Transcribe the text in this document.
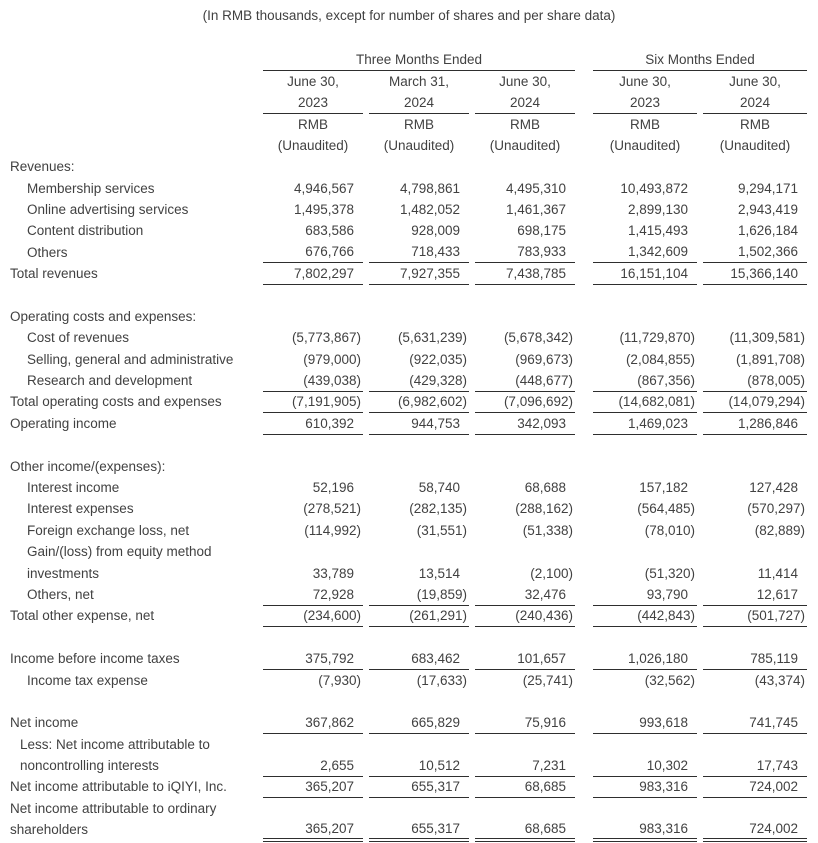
(In RMB thousands, except for number of shares and per share data)
		Three Months Ended						Six Months Ended		
		June 30,		March 31,		June 30,		June 30,		June 30,
		2023		2024		2024		2023		2024
		RMB		RMB		RMB		RMB		RMB
		(Unaudited)		(Unaudited)		(Unaudited)		(Unaudited)		(Unaudited)
Revenues:										
Membership services		4,946,567		4,798,861		4,495,310		10,493,872		9,294,171
Online advertising services		1,495,378		1,482,052		1,461,367		2,899,130		2,943,419
Content distribution		683,586		928,009		698,175		1,415,493		1,626,184
Others		676,766		718,433		783,933		1,342,609		1,502,366
Total revenues		7,802,297		7,927,355		7,438,785		16,151,104		15,366,140

Operating costs and expenses:										
Cost of revenues		(5,773,867)		(5,631,239)		(5,678,342)		(11,729,870)		(11,309,581)
Selling, general and administrative		(979,000)		(922,035)		(969,673)		(2,084,855)		(1,891,708)
Research and development		(439,038)		(429,328)		(448,677)		(867,356)		(878,005)
Total operating costs and expenses		(7,191,905)		(6,982,602)		(7,096,692)		(14,682,081)		(14,079,294)
Operating income		610,392		944,753		342,093		1,469,023		1,286,846

Other income/(expenses):										
Interest income		52,196		58,740		68,688		157,182		127,428
Interest expenses		(278,521)		(282,135)		(288,162)		(564,485)		(570,297)
Foreign exchange loss, net		(114,992)		(31,551)		(51,338)		(78,010)		(82,889)
Gain/(loss) from equity method										
investments		33,789		13,514		(2,100)		(51,320)		11,414
Others, net		72,928		(19,859)		32,476		93,790		12,617
Total other expense, net		(234,600)		(261,291)		(240,436)		(442,843)		(501,727)

Income before income taxes		375,792		683,462		101,657		1,026,180		785,119
Income tax expense		(7,930)		(17,633)		(25,741)		(32,562)		(43,374)

Net income		367,862		665,829		75,916		993,618		741,745
Less: Net income attributable to										
noncontrolling interests		2,655		10,512		7,231		10,302		17,743
Net income attributable to iQIYI, Inc.		365,207		655,317		68,685		983,316		724,002
Net income attributable to ordinary										
shareholders		365,207		655,317		68,685		983,316		724,002
